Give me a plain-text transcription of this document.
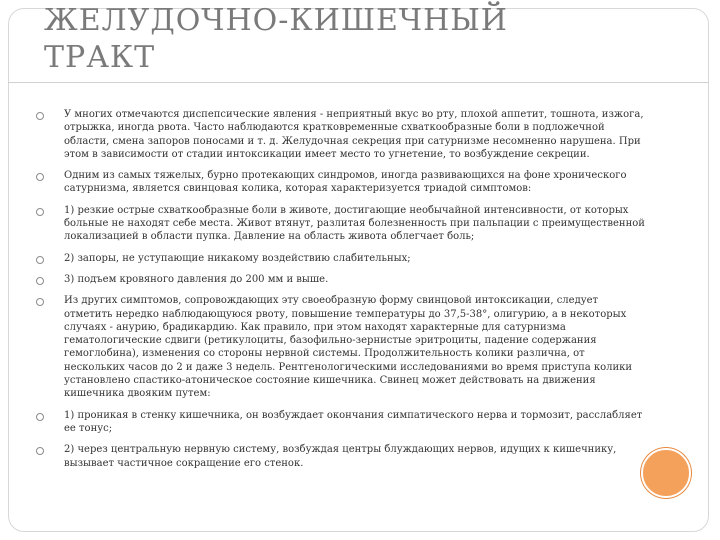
ЖЕЛУДОЧНО-КИШЕЧНЫЙ ТРАКТ
У многих отмечаются диспепсические явления - неприятный вкус во рту, плохой аппетит, тошнота, изжога, отрыжка, иногда рвота. Часто наблюдаются кратковременные схваткообразные боли в подложечной области, смена запоров поносами и т. д. Желудочная секреция при сатурнизме несомненно нарушена. При этом в зависимости от стадии интоксикации имеет место то угнетение, то возбуждение секреции.
Одним из самых тяжелых, бурно протекающих синдромов, иногда развивающихся на фоне хронического сатурнизма, является свинцовая колика, которая характеризуется триадой симптомов:
1) резкие острые схваткообразные боли в животе, достигающие необычайной интенсивности, от которых больные не находят себе места. Живот втянут, разлитая болезненность при пальпации с преимущественной локализацией в области пупка. Давление на область живота облегчает боль;
2) запоры, не уступающие никакому воздействию слабительных;
3) подъем кровяного давления до 200 мм и выше.
Из других симптомов, сопровождающих эту своеобразную форму свинцовой интоксикации, следует отметить нередко наблюдающуюся рвоту, повышение температуры до 37,5-38°, олигурию, а в некоторых случаях - анурию, брадикардию. Как правило, при этом находят характерные для сатурнизма гематологические сдвиги (ретикулоциты, базофильно-зернистые эритроциты, падение содержания гемоглобина), изменения со стороны нервной системы. Продолжительность колики различна, от нескольких часов до 2 и даже 3 недель. Рентгенологическими исследованиями во время приступа колики установлено спастико-атоническое состояние кишечника. Свинец может действовать на движения кишечника двояким путем:
1) проникая в стенку кишечника, он возбуждает окончания симпатического нерва и тормозит, расслабляет ее тонус;
2) через центральную нервную систему, возбуждая центры блуждающих нервов, идущих к кишечнику, вызывает частичное сокращение его стенок.
